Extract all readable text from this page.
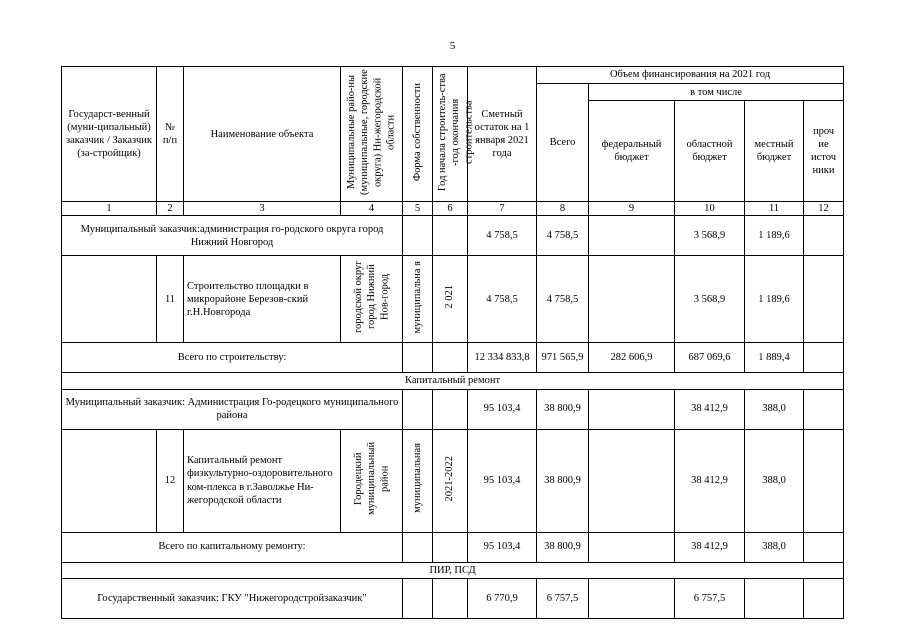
5
Государст-венный (муни-ципальный) заказчик / Заказчик (за-стройщик)	№ п/п	Наименование объекта	Муниципальные райо-ны (муниципальные, городские округа) Ни-жегородской области	Форма собственности	Год начала строитель-ства -год окончания строительства	Сметный остаток на 1 января 2021 года	Объем финансирования на 2021 год				
							Всего	в том числе			
								федеральный бюджет	областной бюджет	местный бюджет	проч ие источ ники
1	2	3	4	5	6	7	8	9	10	11	12
Муниципальный заказчик:администрация го-родского округа город Нижний Новгород						4 758,5	4 758,5		3 568,9	1 189,6	
	11	Строительство площадки в микрорайоне Березов-ский г.Н.Новгорода	городской округ город Нижний Нов-город	муниципальна я	2 021	4 758,5	4 758,5		3 568,9	1 189,6	
Всего по строительству:						12 334 833,8	971 565,9	282 606,9	687 069,6	1 889,4	
Капитальный ремонт											
Муниципальный заказчик: Администрация Го-родецкого муниципального района						95 103,4	38 800,9		38 412,9	388,0	
	12	Капитальный ремонт физкультурно-оздоровительного ком-плекса в г.Заволжье Ни-жегородской области	Городецкий муниципальный район	муниципальная	2021-2022	95 103,4	38 800,9		38 412,9	388,0	
Всего по капитальному ремонту:						95 103,4	38 800,9		38 412,9	388,0	
ПИР, ПСД											
Государственный заказчик: ГКУ "Нижегородстройзаказчик"						6 770,9	6 757,5		6 757,5		
